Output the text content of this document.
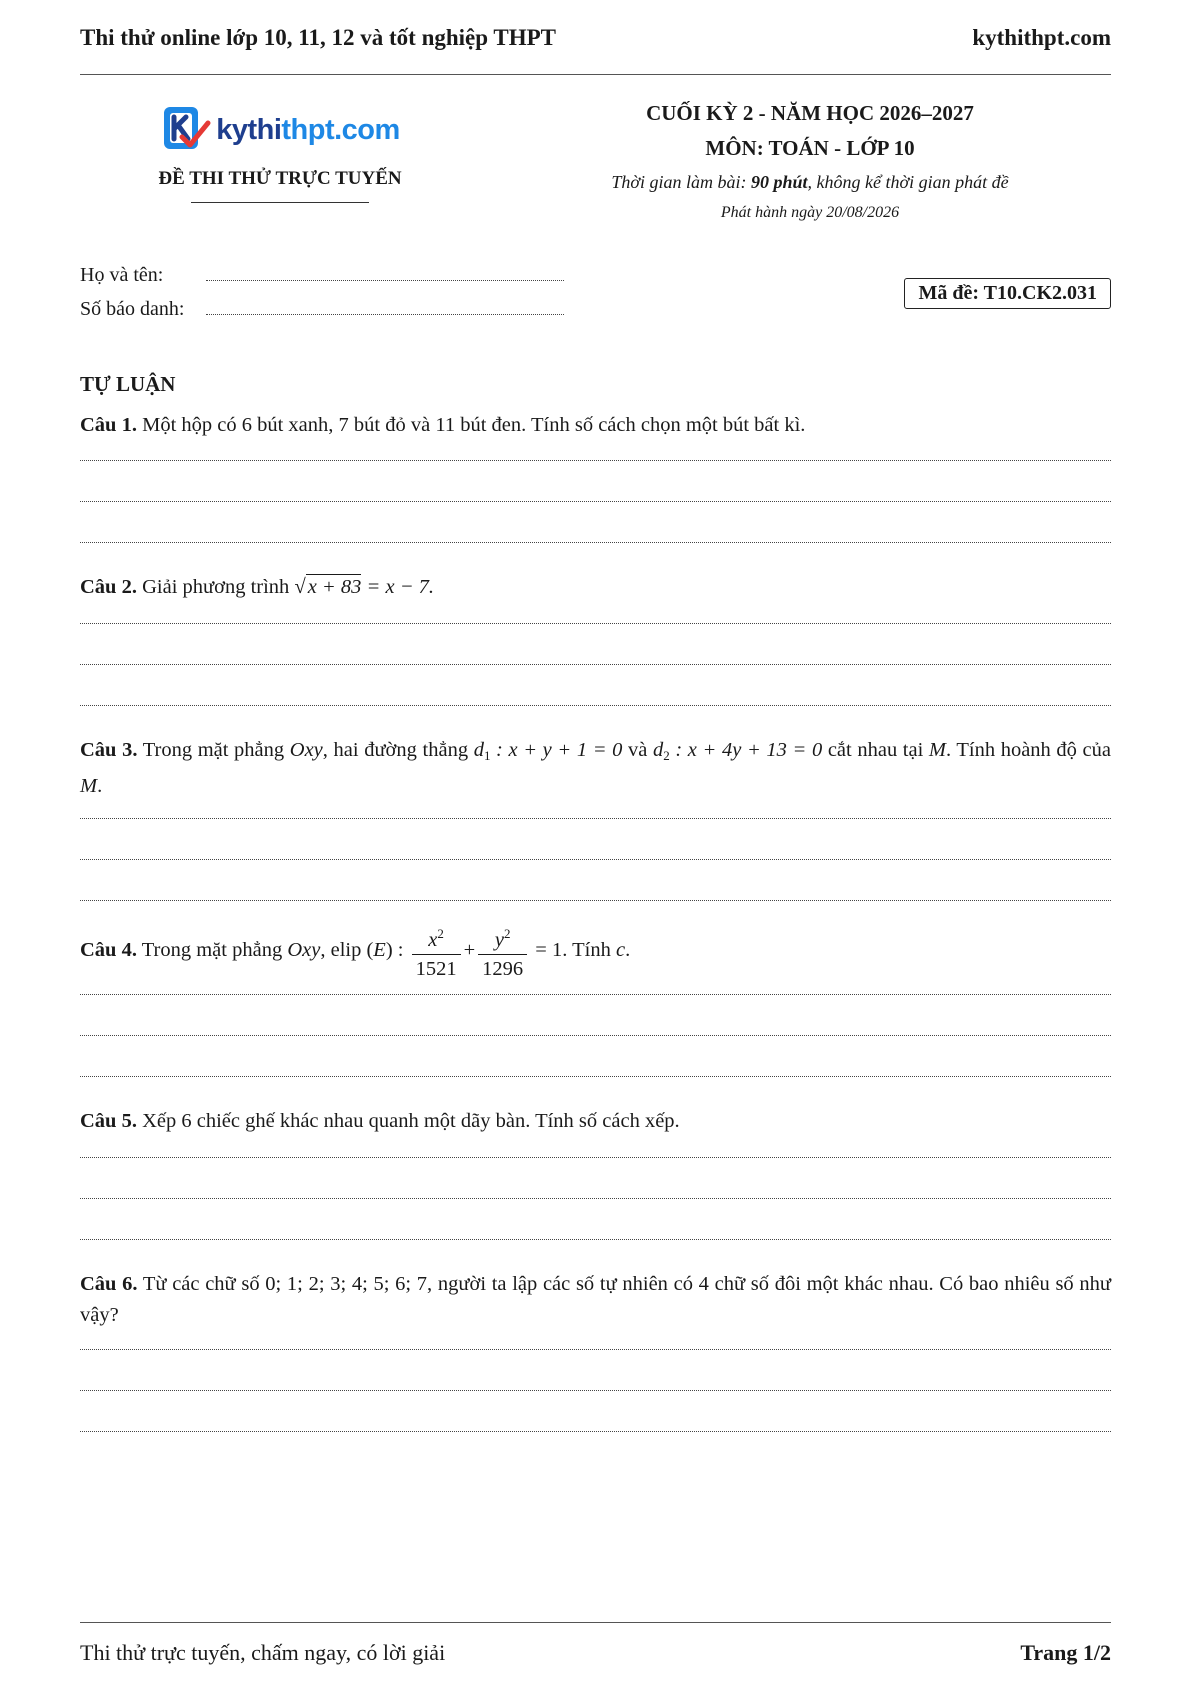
Thi thử online lớp 10, 11, 12 và tốt nghiệp THPT	kythithpt.com
kythithpt.com
ĐỀ THI THỬ TRỰC TUYẾN
CUỐI KỲ 2 - NĂM HỌC 2026–2027
MÔN: TOÁN - LỚP 10
Thời gian làm bài: 90 phút, không kể thời gian phát đề
Phát hành ngày 20/08/2026
Họ và tên:
Số báo danh:
Mã đề: T10.CK2.031
TỰ LUẬN
Câu 1. Một hộp có 6 bút xanh, 7 bút đỏ và 11 bút đen. Tính số cách chọn một bút bất kì.
Câu 2. Giải phương trình √x + 83 = x − 7.
Câu 3. Trong mặt phẳng Oxy, hai đường thẳng $d_1$ : x + y + 1 = 0 và $d_2$ : x + 4y + 13 = 0 cắt nhau tại M. Tính hoành độ của M.
Câu 4. Trong mặt phẳng Oxy, elip (E) : $\frac{x^2}{1521} + \frac{y^2}{1296} = 1$. Tính c.
Câu 5. Xếp 6 chiếc ghế khác nhau quanh một dãy bàn. Tính số cách xếp.
Câu 6. Từ các chữ số 0; 1; 2; 3; 4; 5; 6; 7, người ta lập các số tự nhiên có 4 chữ số đôi một khác nhau. Có bao nhiêu số như vậy?
Thi thử trực tuyến, chấm ngay, có lời giải	Trang 1/2
